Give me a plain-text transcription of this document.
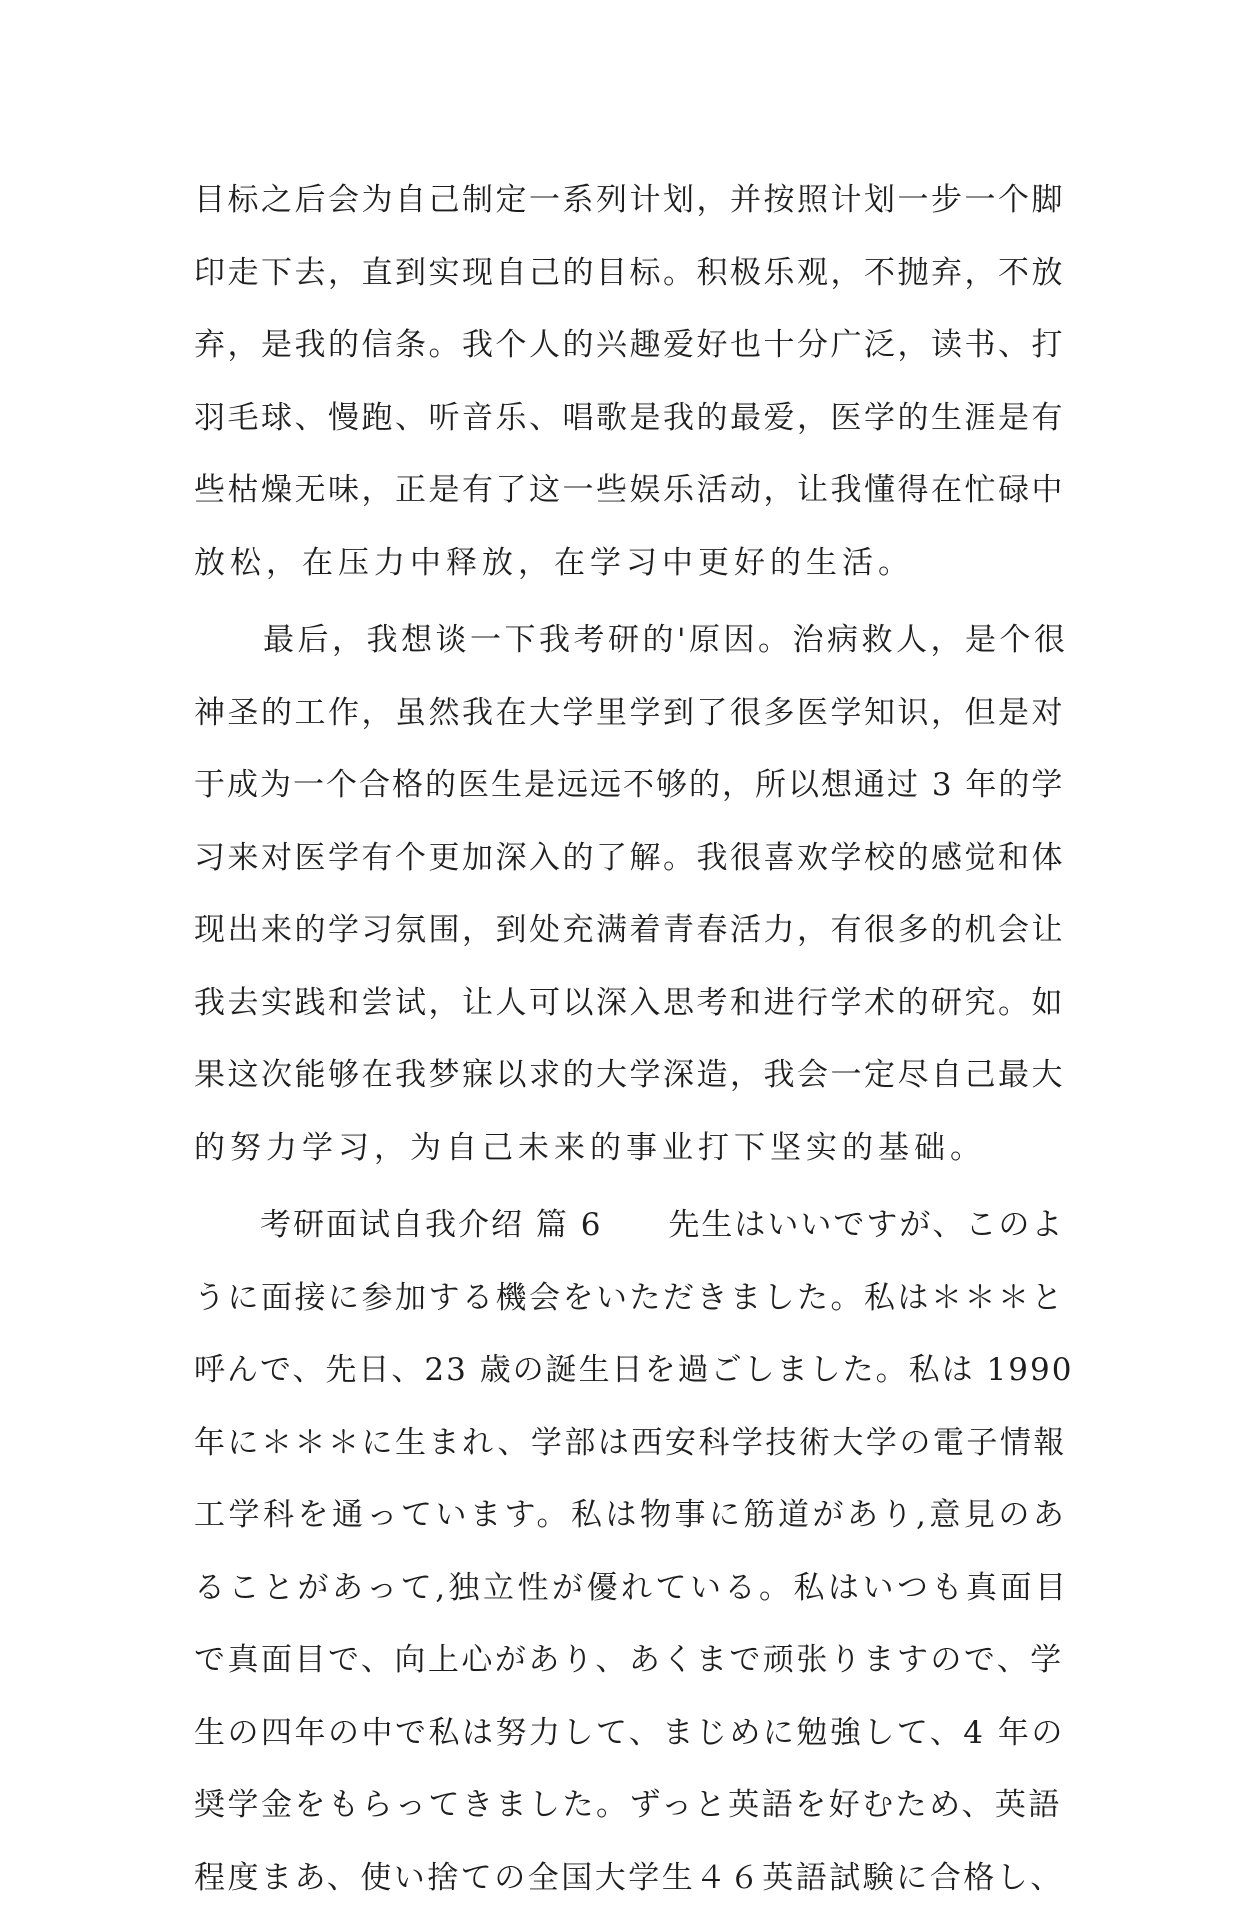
目标之后会为自己制定一系列计划，并按照计划一步一个脚
印走下去，直到实现自己的目标。积极乐观，不抛弃，不放
弃，是我的信条。我个人的兴趣爱好也十分广泛，读书、打
羽毛球、慢跑、听音乐、唱歌是我的最爱，医学的生涯是有
些枯燥无味，正是有了这一些娱乐活动，让我懂得在忙碌中
放松，在压力中释放，在学习中更好的生活。
　　最后，我想谈一下我考研的'原因。治病救人，是个很
神圣的工作，虽然我在大学里学到了很多医学知识，但是对
于成为一个合格的医生是远远不够的，所以想通过 3 年的学
习来对医学有个更加深入的了解。我很喜欢学校的感觉和体
现出来的学习氛围，到处充满着青春活力，有很多的机会让
我去实践和尝试，让人可以深入思考和进行学术的研究。如
果这次能够在我梦寐以求的大学深造，我会一定尽自己最大
的努力学习，为自己未来的事业打下坚实的基础。
　　考研面试自我介绍 篇 6　　先生はいいですが、このよ
うに面接に参加する機会をいただきました。私は＊＊＊と
呼んで、先日、23 歳の誕生日を過ごしました。私は 1990
年に＊＊＊に生まれ、学部は西安科学技術大学の電子情報
工学科を通っています。私は物事に筋道があり,意見のあ
ることがあって,独立性が優れている。私はいつも真面目
で真面目で、向上心があり、あくまで顽张りますので、学
生の四年の中で私は努力して、まじめに勉強して、4 年の
奨学金をもらってきました。ずっと英語を好むため、英語
程度まあ、使い捨ての全国大学生４６英語試験に合格し、
